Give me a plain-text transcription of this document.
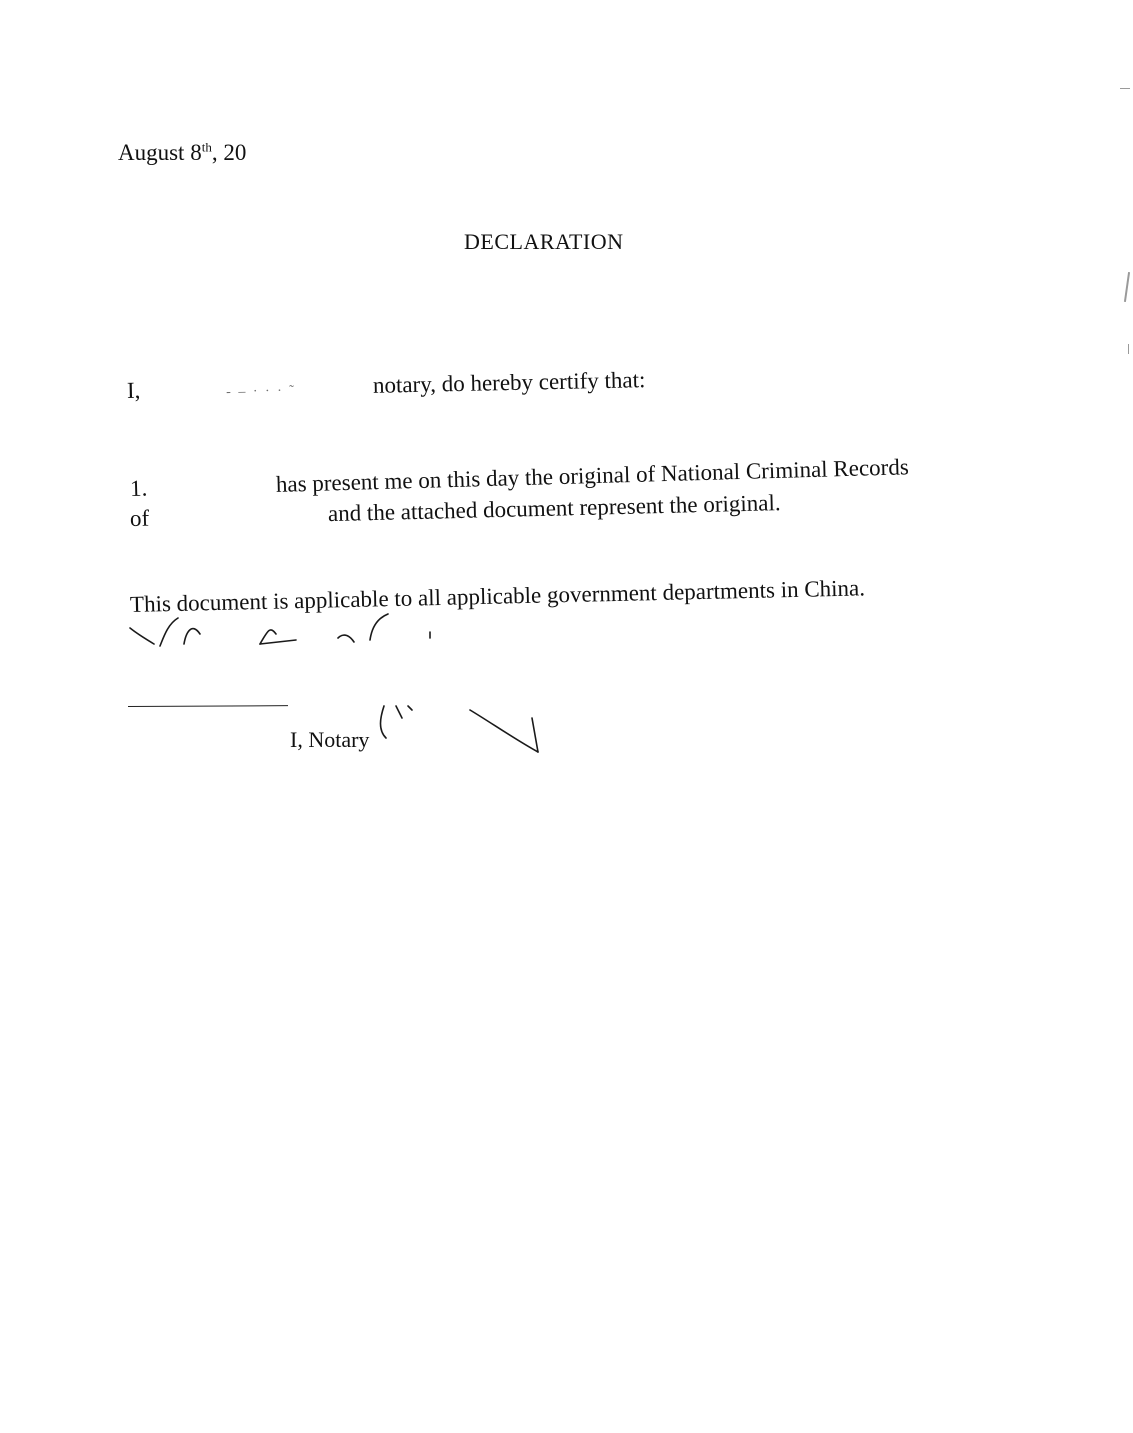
August 8th, 20
DECLARATION
I,	‑ ‒ · · · ˜	notary, do hereby certify that:
1.	has present me on this day the original of National Criminal Records
of	and the attached document represent the original.
This document is applicable to all applicable government departments in China.
I, Notary
